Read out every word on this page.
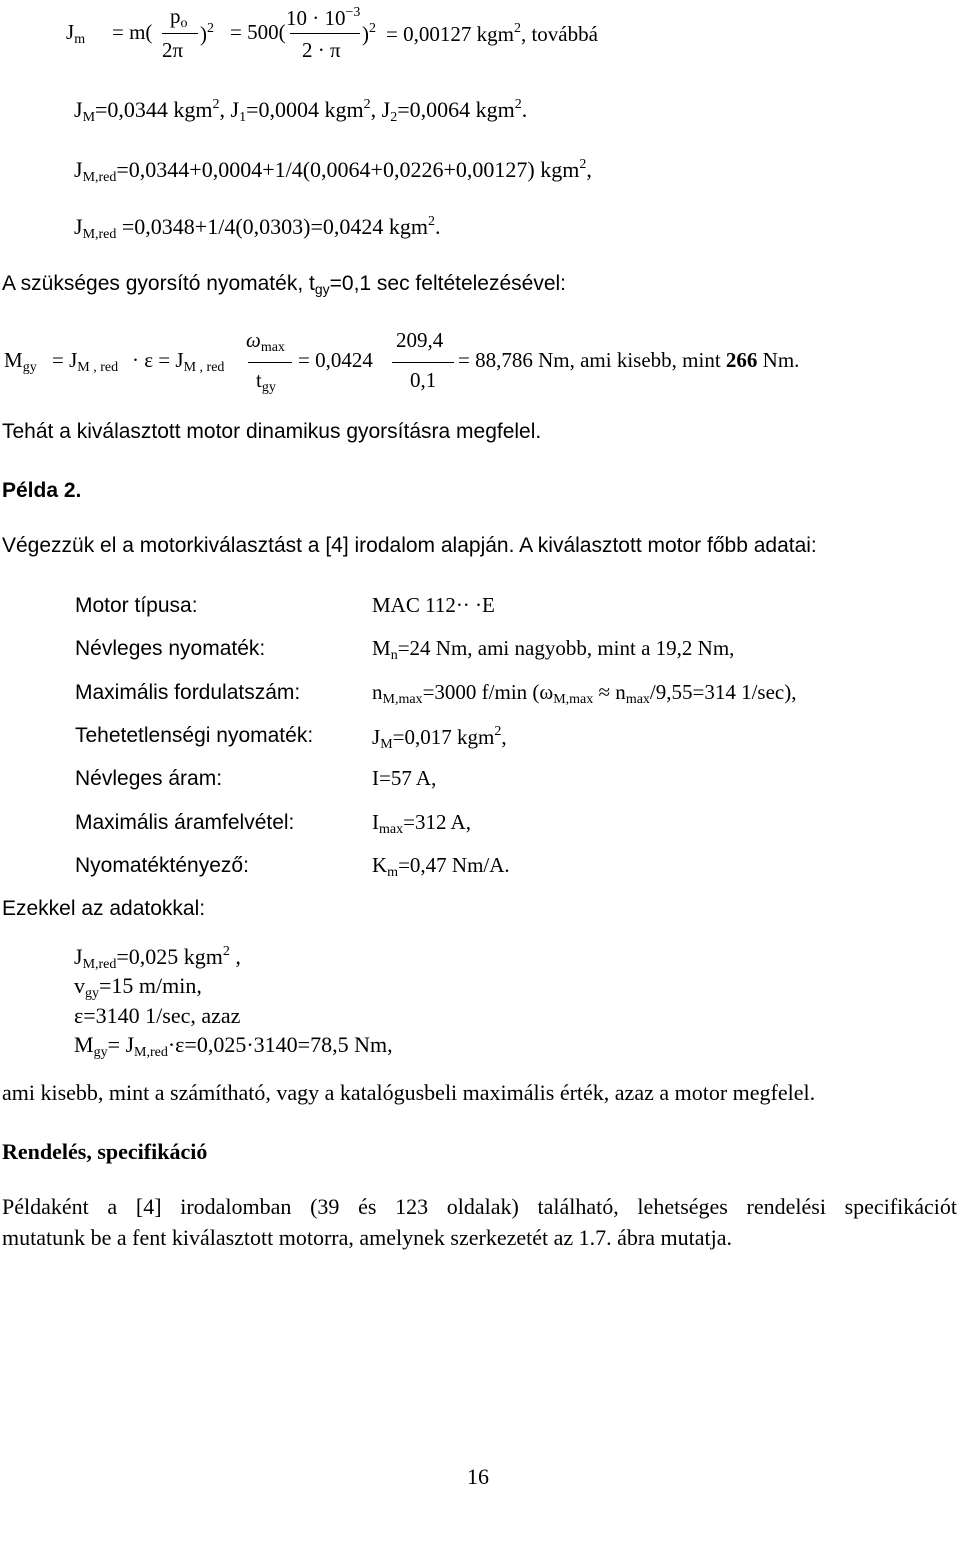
$J_m = m$(
$p_o$
2π
)$^2$ = 500(
$10 \cdot 10^{-3}$
2 · π
)$^2$ = 0,00127 kgm$^2$, továbbá
$J_M=0,0344$ kgm$^2$, $J_1=0,0004$ kgm$^2$, $J_2=0,0064$ kgm$^2$.
$J_{M,red}=0,0344+0,0004+1/4(0,0064+0,0226+0,00127)$ kgm$^2$,
$J_{M,red} =0,0348+1/4(0,0303)=0,0424$ kgm$^2$.
A szükséges gyorsító nyomaték, $t_{gy}=0,1$ sec feltételezésével:
$M_{gy} = J_{M , red} \cdot \varepsilon = J_{M , red}$
$\omega_{max}$
$t_{gy}$
= 0,0424
209,4
0,1
= 88,786 Nm, ami kisebb, mint 266 Nm.
Tehát a kiválasztott motor dinamikus gyorsításra megfelel.
Példa 2.
Végezzük el a motorkiválasztást a [4] irodalom alapján. A kiválasztott motor főbb adatai:
Motor típusa:	MAC 112·· ·E
Névleges nyomaték:	$M_n=24$ Nm, ami nagyobb, mint a 19,2 Nm,
Maximális fordulatszám:	$n_{M,max}=3000$ f/min ($\omega_{M,max} \approx n_{max}/9,55=314$ 1/sec),
Tehetetlenségi nyomaték:	$J_M=0,017$ kgm$^2$,
Névleges áram:	I=57 A,
Maximális áramfelvétel:	$I_{max}=312$ A,
Nyomatéktényező:	$K_m=0,47$ Nm/A.
Ezekkel az adatokkal:
$J_{M,red}=0,025$ kgm$^2$ ,
$v_{gy}=15$ m/min,
ε=3140 1/sec, azaz
$M_{gy}= J_{M,red}\cdot\varepsilon=0,025\cdot 3140=78,5$ Nm,
ami kisebb, mint a számítható, vagy a katalógusbeli maximális érték, azaz a motor megfelel.
Rendelés, specifikáció
Példaként a [4] irodalomban (39 és 123 oldalak) található, lehetséges rendelési specifikációt
mutatunk be a fent kiválasztott motorra, amelynek szerkezetét az 1.7. ábra mutatja.
16
